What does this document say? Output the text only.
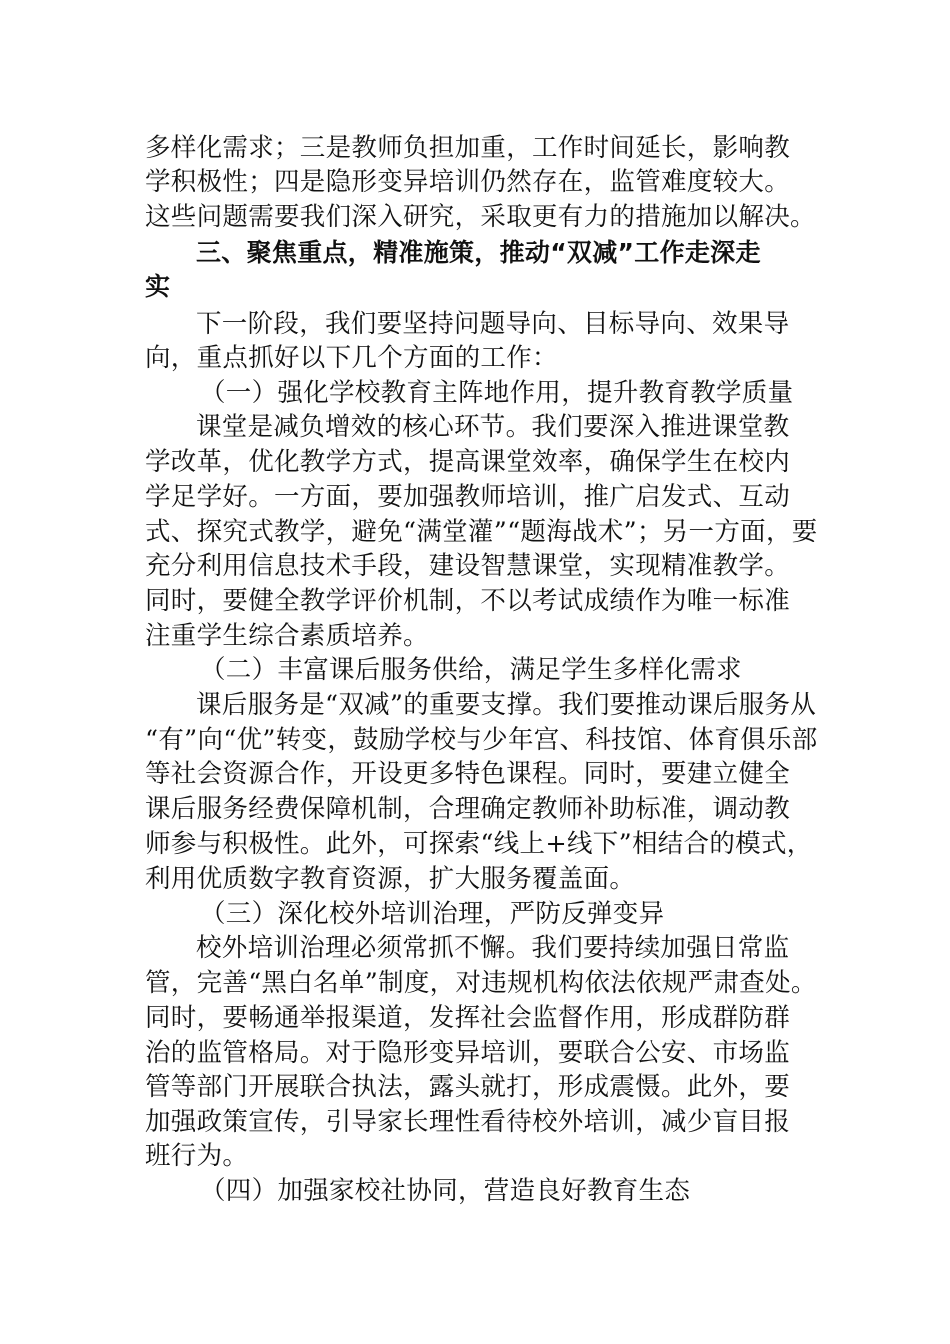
多样化需求；三是教师负担加重，工作时间延长，影响教
学积极性；四是隐形变异培训仍然存在，监管难度较大。
这些问题需要我们深入研究，采取更有力的措施加以解决。
三、聚焦重点，精准施策，推动“双减”工作走深走
实
下一阶段，我们要坚持问题导向、目标导向、效果导
向，重点抓好以下几个方面的工作：
（一）强化学校教育主阵地作用，提升教育教学质量
课堂是减负增效的核心环节。我们要深入推进课堂教
学改革，优化教学方式，提高课堂效率，确保学生在校内
学足学好。一方面，要加强教师培训，推广启发式、互动
式、探究式教学，避免“满堂灌”“题海战术”；另一方面，要
充分利用信息技术手段，建设智慧课堂，实现精准教学。
同时，要健全教学评价机制，不以考试成绩作为唯一标准
注重学生综合素质培养。
（二）丰富课后服务供给，满足学生多样化需求
课后服务是“双减”的重要支撑。我们要推动课后服务从
“有”向“优”转变，鼓励学校与少年宫、科技馆、体育俱乐部
等社会资源合作，开设更多特色课程。同时，要建立健全
课后服务经费保障机制，合理确定教师补助标准，调动教
师参与积极性。此外，可探索“线上+线下”相结合的模式，
利用优质数字教育资源，扩大服务覆盖面。
（三）深化校外培训治理，严防反弹变异
校外培训治理必须常抓不懈。我们要持续加强日常监
管，完善“黑白名单”制度，对违规机构依法依规严肃查处。
同时，要畅通举报渠道，发挥社会监督作用，形成群防群
治的监管格局。对于隐形变异培训，要联合公安、市场监
管等部门开展联合执法，露头就打，形成震慑。此外，要
加强政策宣传，引导家长理性看待校外培训，减少盲目报
班行为。
（四）加强家校社协同，营造良好教育生态
